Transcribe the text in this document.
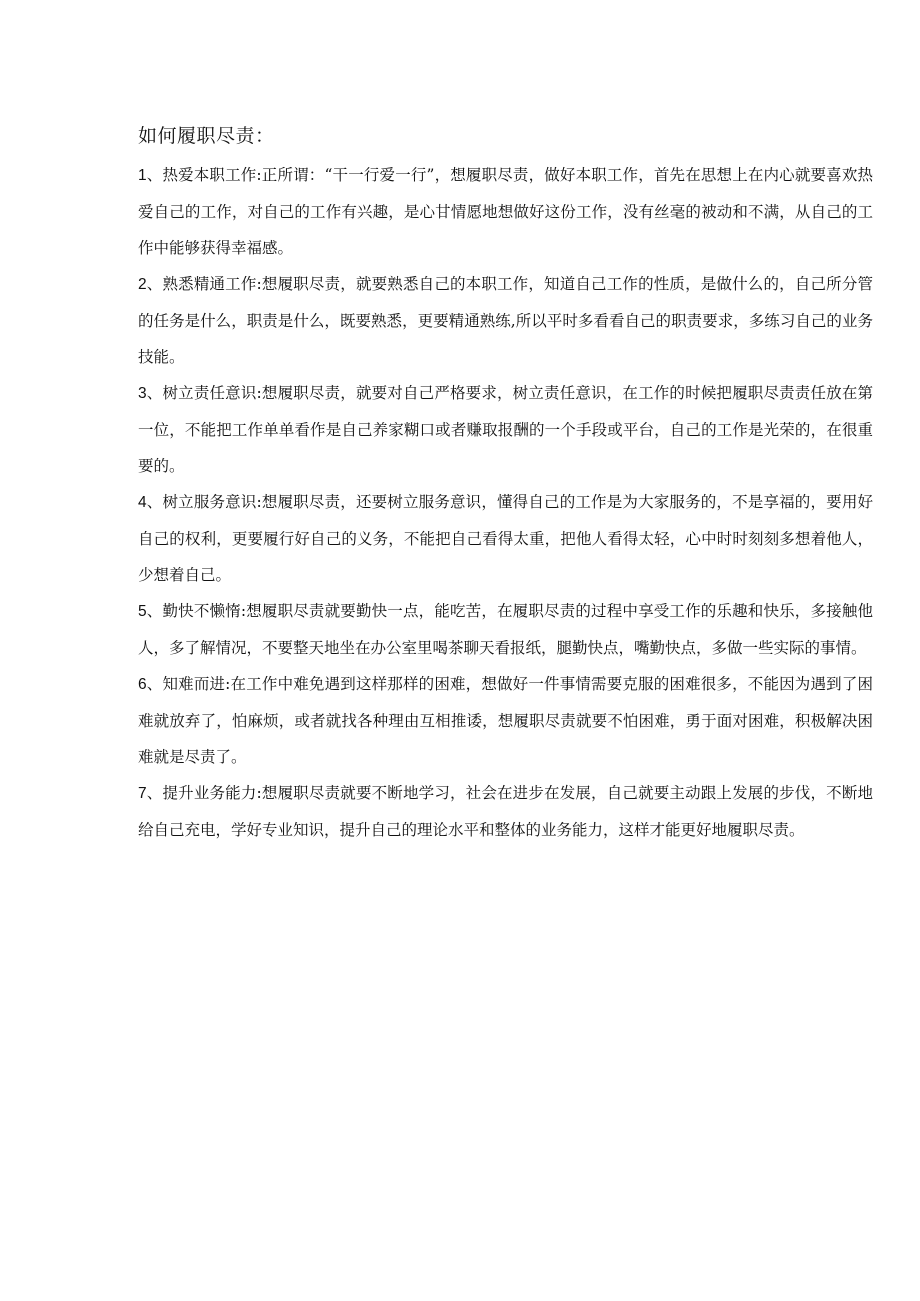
如何履职尽责：

1、热爱本职工作:正所谓：“干一行爱一行”，想履职尽责，做好本职工作，首先在思想上在内心就要喜欢热爱自己的工作，对自己的工作有兴趣，是心甘情愿地想做好这份工作，没有丝毫的被动和不满，从自己的工作中能够获得幸福感。

2、熟悉精通工作:想履职尽责，就要熟悉自己的本职工作，知道自己工作的性质，是做什么的，自己所分管的任务是什么，职责是什么，既要熟悉，更要精通熟练,所以平时多看看自己的职责要求，多练习自己的业务技能。

3、树立责任意识:想履职尽责，就要对自己严格要求，树立责任意识，在工作的时候把履职尽责责任放在第一位，不能把工作单单看作是自己养家糊口或者赚取报酬的一个手段或平台，自己的工作是光荣的，在很重要的。

4、树立服务意识:想履职尽责，还要树立服务意识，懂得自己的工作是为大家服务的，不是享福的，要用好自己的权利，更要履行好自己的义务，不能把自己看得太重，把他人看得太轻，心中时时刻刻多想着他人，少想着自己。

5、勤快不懒惰:想履职尽责就要勤快一点，能吃苦，在履职尽责的过程中享受工作的乐趣和快乐，多接触他人，多了解情况，不要整天地坐在办公室里喝茶聊天看报纸，腿勤快点，嘴勤快点，多做一些实际的事情。

6、知难而进:在工作中难免遇到这样那样的困难，想做好一件事情需要克服的困难很多，不能因为遇到了困难就放弃了，怕麻烦，或者就找各种理由互相推诿，想履职尽责就要不怕困难，勇于面对困难，积极解决困难就是尽责了。

7、提升业务能力:想履职尽责就要不断地学习，社会在进步在发展，自己就要主动跟上发展的步伐，不断地给自己充电，学好专业知识，提升自己的理论水平和整体的业务能力，这样才能更好地履职尽责。
